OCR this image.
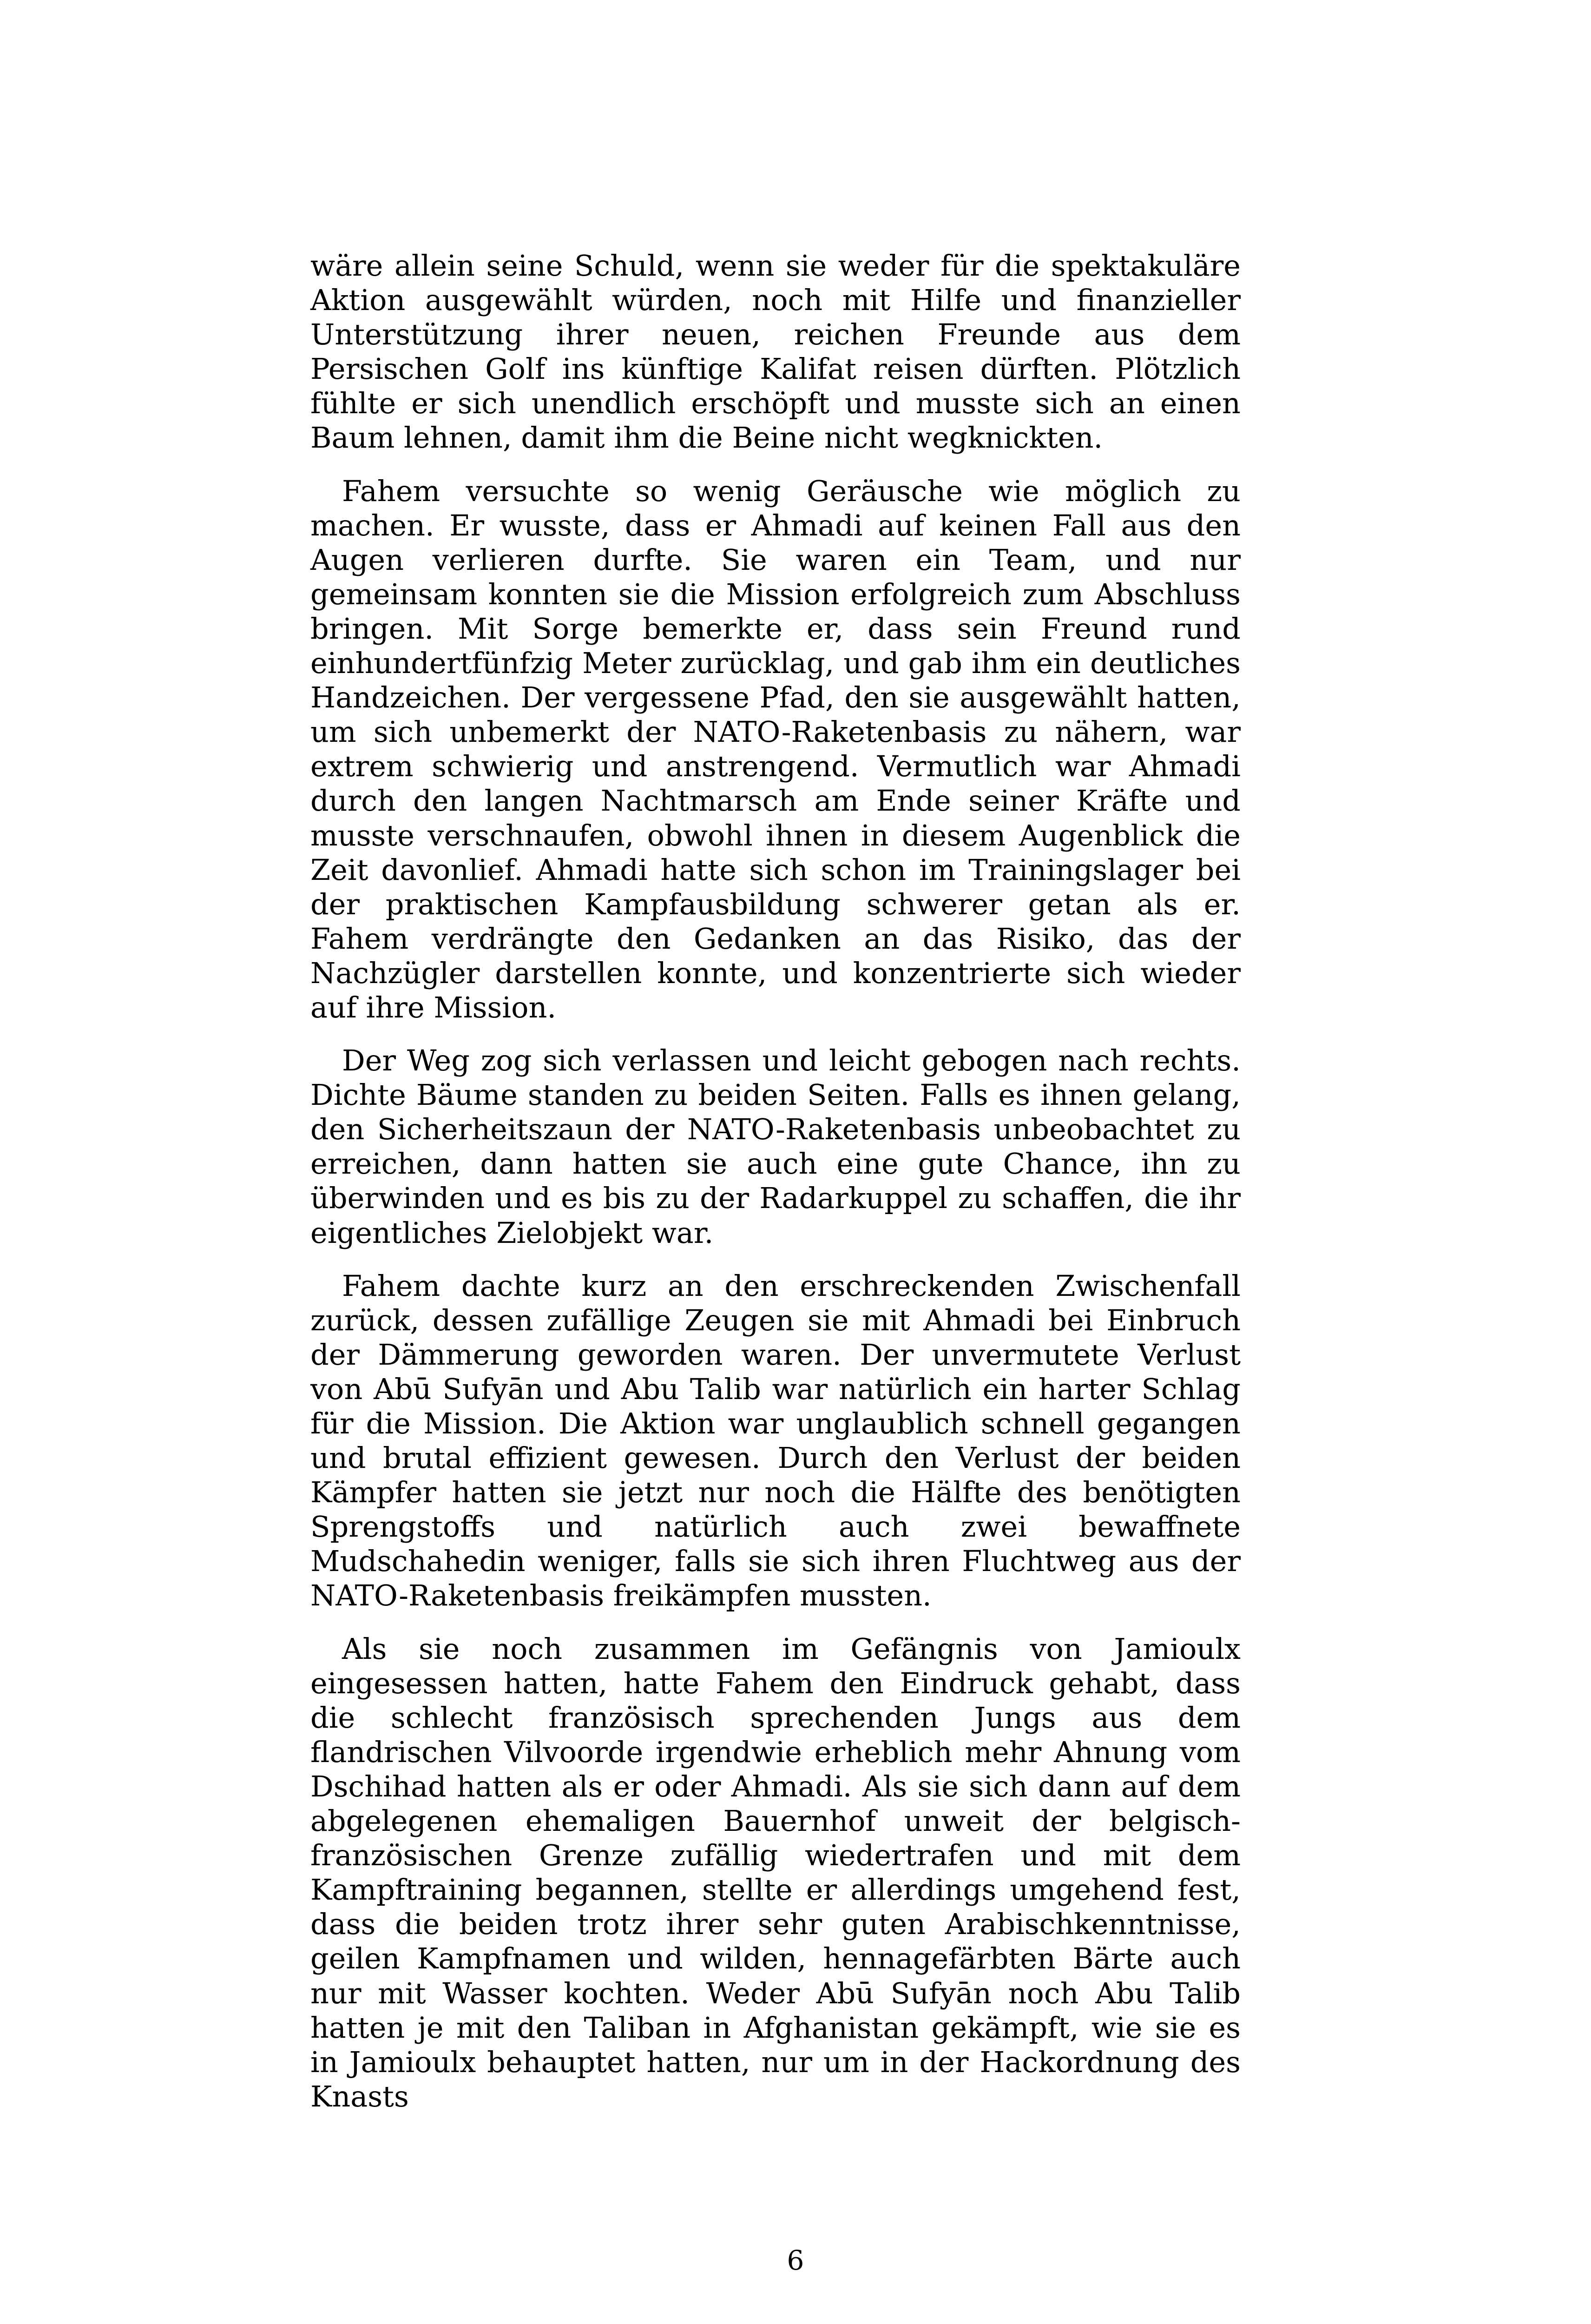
wäre allein seine Schuld, wenn sie weder für die spektakuläre Aktion ausgewählt würden, noch mit Hilfe und finanzieller Unterstützung ihrer neuen, reichen Freunde aus dem Persischen Golf ins künftige Kalifat reisen dürften. Plötzlich fühlte er sich unendlich erschöpft und musste sich an einen Baum lehnen, damit ihm die Beine nicht wegknickten.

Fahem versuchte so wenig Geräusche wie möglich zu machen. Er wusste, dass er Ahmadi auf keinen Fall aus den Augen verlieren durfte. Sie waren ein Team, und nur gemeinsam konnten sie die Mission erfolgreich zum Abschluss bringen. Mit Sorge bemerkte er, dass sein Freund rund einhundertfünfzig Meter zurücklag, und gab ihm ein deutliches Handzeichen. Der vergessene Pfad, den sie ausgewählt hatten, um sich unbemerkt der NATO-Raketenbasis zu nähern, war extrem schwierig und anstrengend. Vermutlich war Ahmadi durch den langen Nachtmarsch am Ende seiner Kräfte und musste verschnaufen, obwohl ihnen in diesem Augenblick die Zeit davonlief. Ahmadi hatte sich schon im Trainingslager bei der praktischen Kampfausbildung schwerer getan als er. Fahem verdrängte den Gedanken an das Risiko, das der Nachzügler darstellen konnte, und konzentrierte sich wieder auf ihre Mission.

Der Weg zog sich verlassen und leicht gebogen nach rechts. Dichte Bäume standen zu beiden Seiten. Falls es ihnen gelang, den Sicherheitszaun der NATO-Raketenbasis unbeobachtet zu erreichen, dann hatten sie auch eine gute Chance, ihn zu überwinden und es bis zu der Radarkuppel zu schaffen, die ihr eigentliches Zielobjekt war.

Fahem dachte kurz an den erschreckenden Zwischenfall zurück, dessen zufällige Zeugen sie mit Ahmadi bei Einbruch der Dämmerung geworden waren. Der unvermutete Verlust von Abū Sufyān und Abu Talib war natürlich ein harter Schlag für die Mission. Die Aktion war unglaublich schnell gegangen und brutal effizient gewesen. Durch den Verlust der beiden Kämpfer hatten sie jetzt nur noch die Hälfte des benötigten Sprengstoffs und natürlich auch zwei bewaffnete Mudschahedin weniger, falls sie sich ihren Fluchtweg aus der NATO-Raketenbasis freikämpfen mussten.

Als sie noch zusammen im Gefängnis von Jamioulx eingesessen hatten, hatte Fahem den Eindruck gehabt, dass die schlecht französisch sprechenden Jungs aus dem flandrischen Vilvoorde irgendwie erheblich mehr Ahnung vom Dschihad hatten als er oder Ahmadi. Als sie sich dann auf dem abgelegenen ehemaligen Bauernhof unweit der belgisch-französischen Grenze zufällig wiedertrafen und mit dem Kampftraining begannen, stellte er allerdings umgehend fest, dass die beiden trotz ihrer sehr guten Arabischkenntnisse, geilen Kampfnamen und wilden, hennagefärbten Bärte auch nur mit Wasser kochten. Weder Abū Sufyān noch Abu Talib hatten je mit den Taliban in Afghanistan gekämpft, wie sie es in Jamioulx behauptet hatten, nur um in der Hackordnung des Knasts

6
